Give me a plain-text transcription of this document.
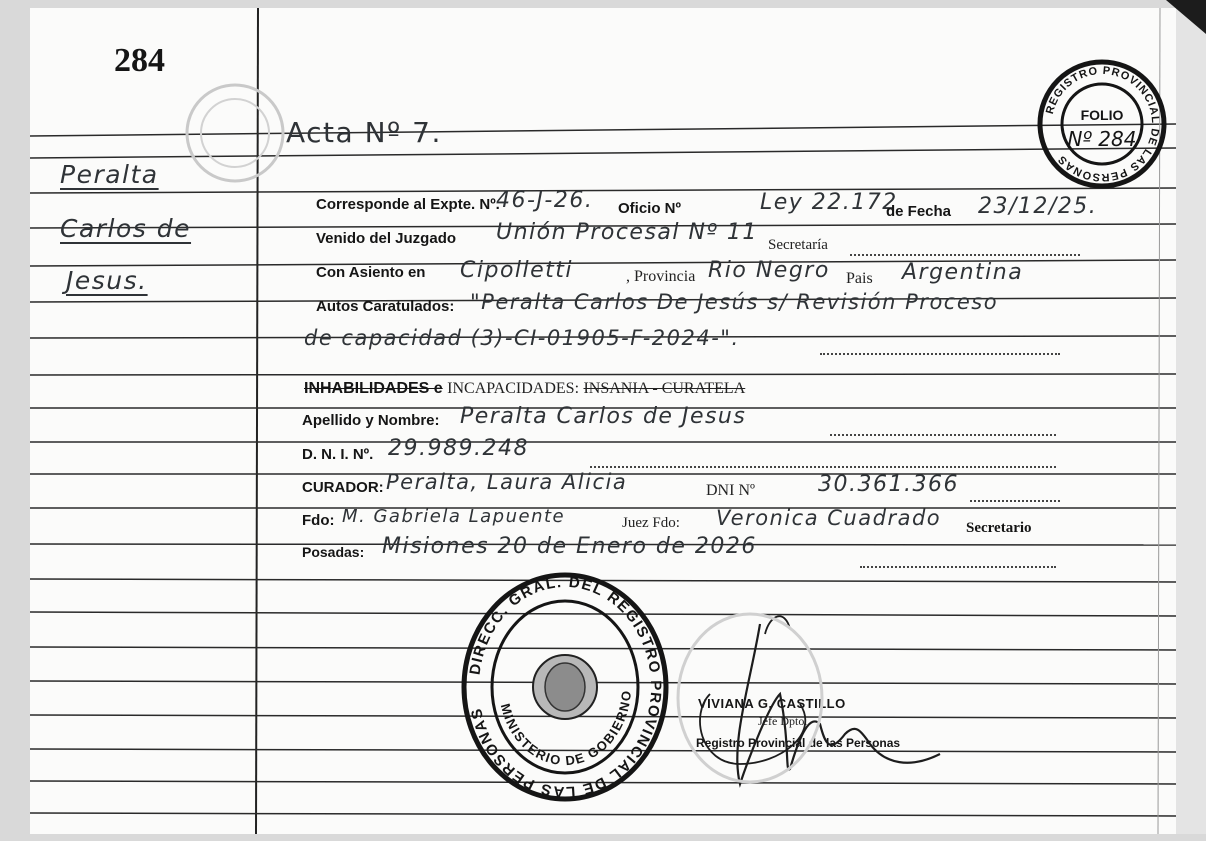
284
Peralta
Carlos de
Jesus.
Acta Nº 7.
REGISTRO PROVINCIAL DE LAS PERSONAS
FOLIO
Nº 284
Corresponde al Expte. Nº.
46-J-26. Oficio Nº	Ley 22.172
de Fecha 23/12/25.
Venido del Juzgado Unión Procesal Nº 11 Secretaría
Con Asiento en Cipolletti	, Provincia Rio Negro Pais Argentina
Autos Caratulados: "Peralta Carlos De Jesús s/ Revisión Proceso
de capacidad (3)-CI-01905-F-2024-".
INHABILIDADES e INCAPACIDADES: INSANIA - CURATELA
Apellido y Nombre: Peralta Carlos de Jesus
D. N. I. Nº. 29.989.248
CURADOR: Peralta, Laura Alicia	DNI Nº	30.361.366
Fdo: M. Gabriela Lapuente	Juez Fdo: Veronica Cuadrado Secretario
Posadas: Misiones 20 de Enero de 2026
DIRECC. GRAL. DEL REGISTRO PROVINCIAL DE LAS PERSONAS MINISTERIO DE GOBIERNO
VIVIANA G. CASTILLO
Jefe Dpto.
Registro Provincial de las Personas
